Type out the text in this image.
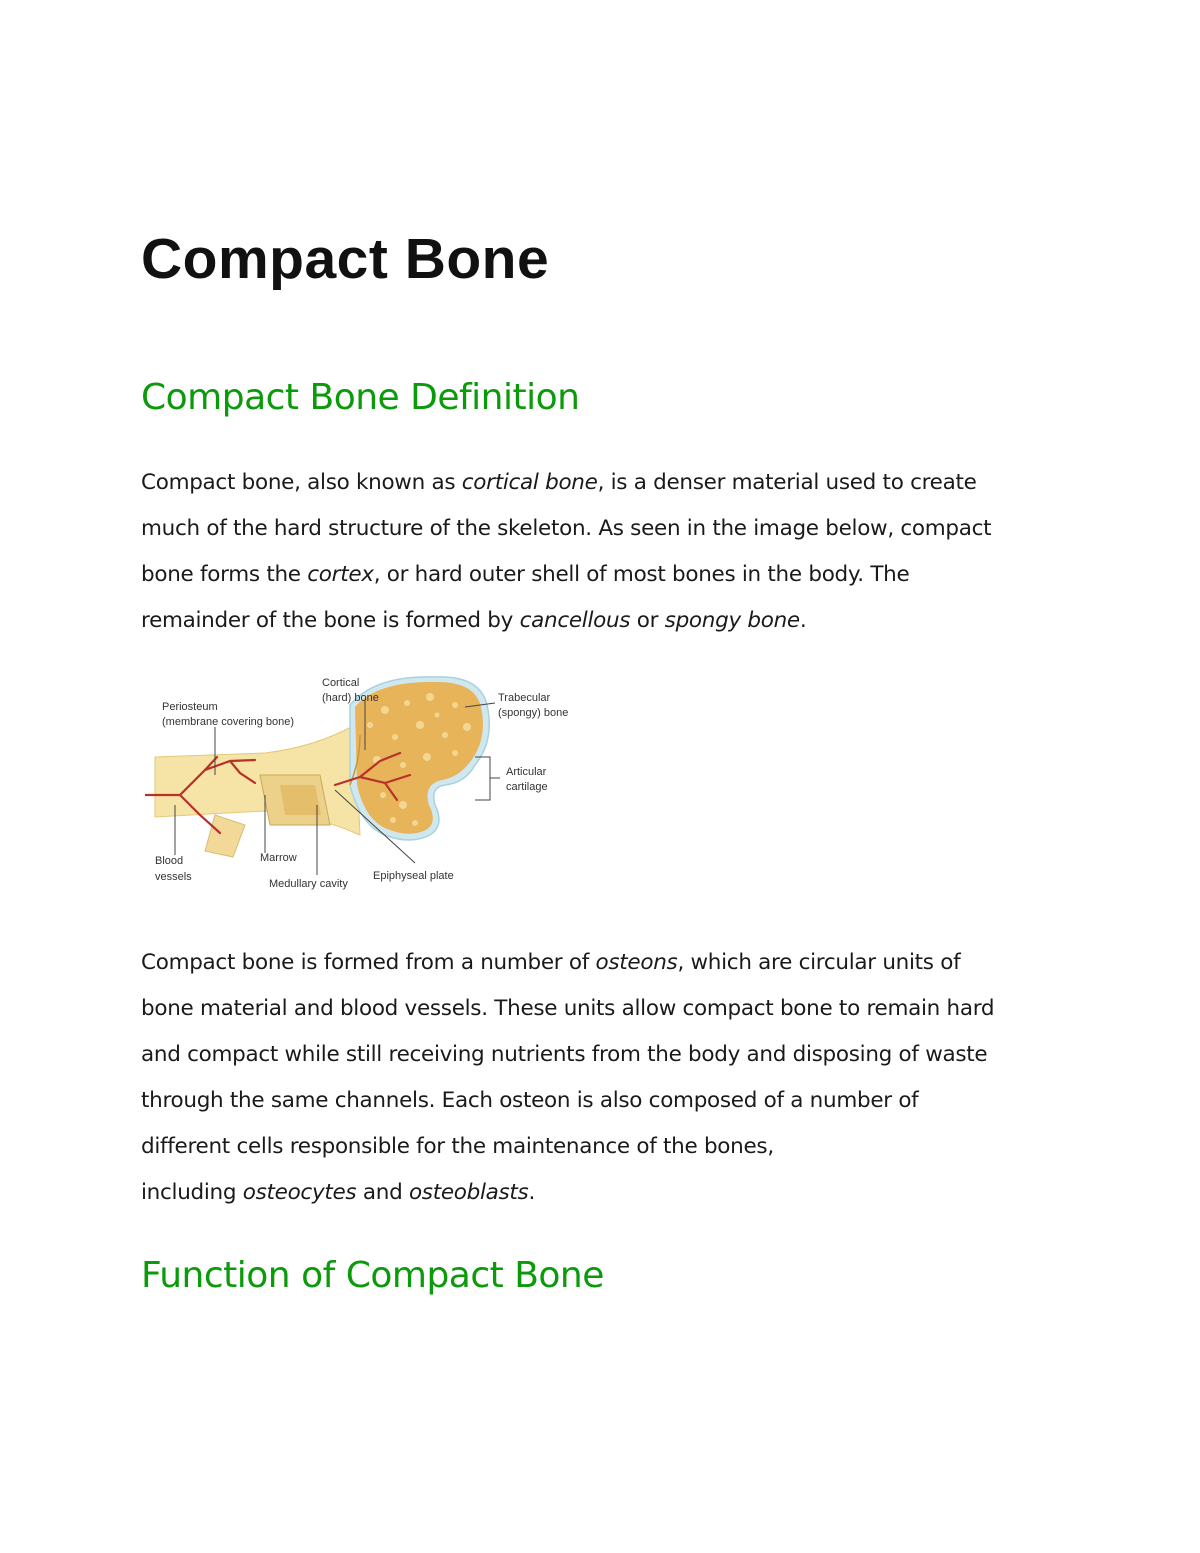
Compact Bone
Compact Bone Definition

Compact bone, also known as cortical bone, is a denser material used to create
much of the hard structure of the skeleton. As seen in the image below, compact
bone forms the cortex, or hard outer shell of most bones in the body. The
remainder of the bone is formed by cancellous or spongy bone.

Periosteum
(membrane covering bone)
Cortical
(hard) bone	Trabecular
(spongy) bone
Articular
cartilage
Blood
vessels
Marrow
Medullary cavity
Epiphyseal plate

Compact bone is formed from a number of osteons, which are circular units of
bone material and blood vessels. These units allow compact bone to remain hard
and compact while still receiving nutrients from the body and disposing of waste
through the same channels. Each osteon is also composed of a number of
different cells responsible for the maintenance of the bones,
including osteocytes and osteoblasts.

Function of Compact Bone
